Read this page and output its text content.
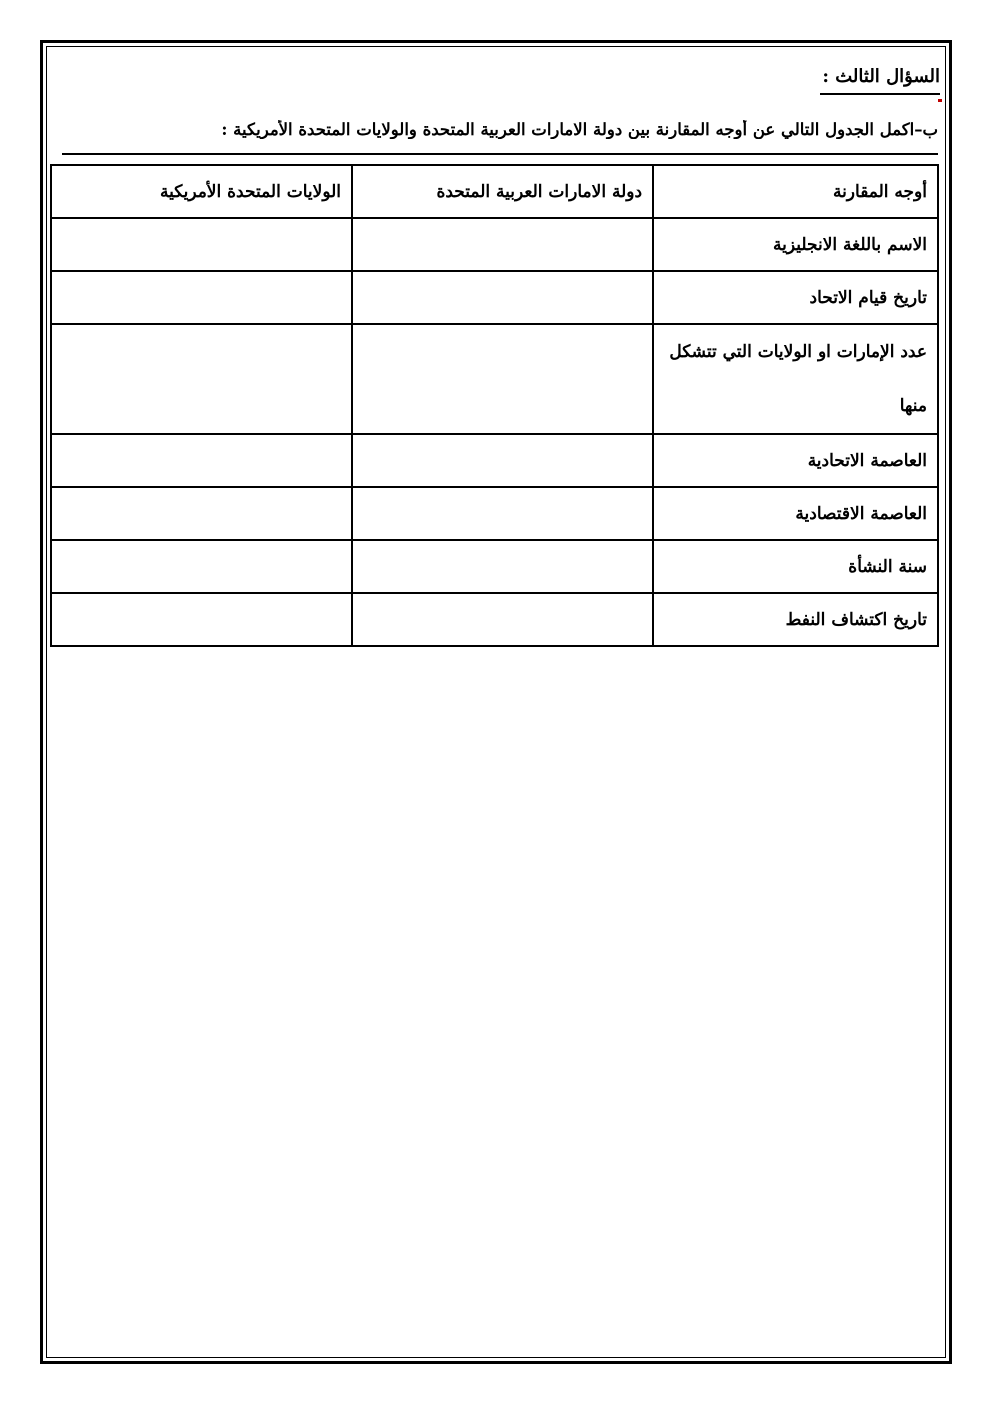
السؤال الثالث :
ب–اكمل الجدول التالي عن أوجه المقارنة بين دولة الامارات العربية المتحدة والولايات المتحدة الأمريكية :
أوجه المقارنة	دولة الامارات العربية المتحدة	الولايات المتحدة الأمريكية
الاسم باللغة الانجليزية		
تاريخ قيام الاتحاد		
عدد الإمارات او الولايات التي تتشكل منها		
العاصمة الاتحادية		
العاصمة الاقتصادية		
سنة النشأة		
تاريخ اكتشاف النفط		
